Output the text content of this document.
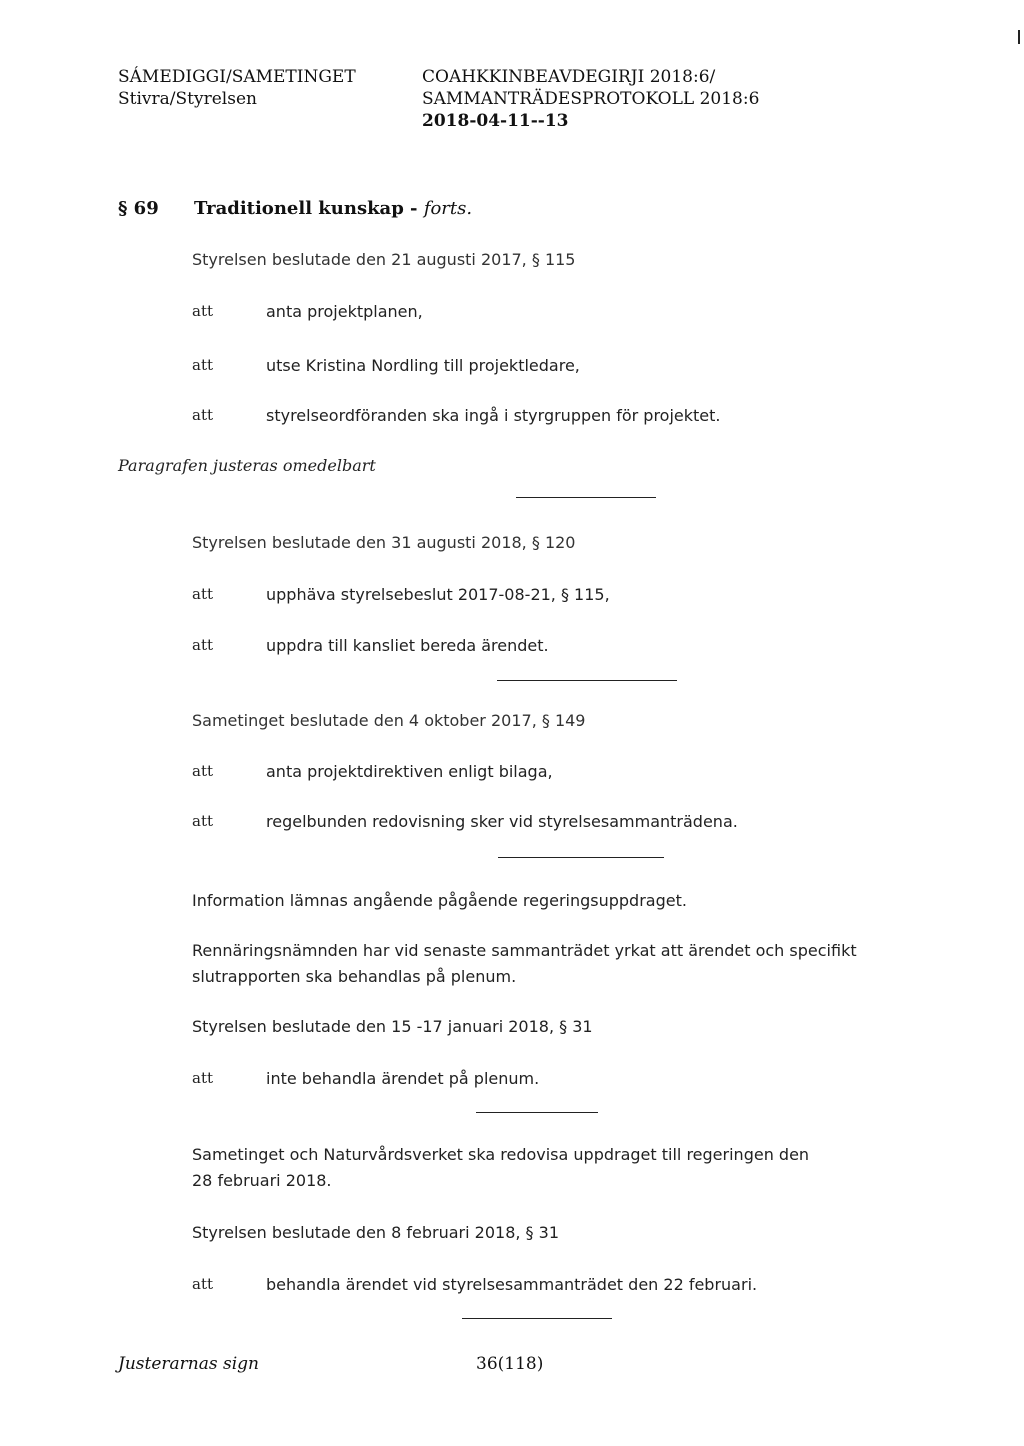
SÁMEDIGGI/SAMETINGET
Stivra/Styrelsen
COAHKKINBEAVDEGIRJI 2018:6/
SAMMANTRÄDESPROTOKOLL 2018:6
2018-04-11--13
§ 69 Traditionell kunskap - forts.
Styrelsen beslutade den 21 augusti 2017, § 115
att	anta projektplanen,
att	utse Kristina Nordling till projektledare,
att	styrelseordföranden ska ingå i styrgruppen för projektet.
Paragrafen justeras omedelbart
Styrelsen beslutade den 31 augusti 2018, § 120
att	upphäva styrelsebeslut 2017-08-21, § 115,
att	uppdra till kansliet bereda ärendet.
Sametinget beslutade den 4 oktober 2017, § 149
att	anta projektdirektiven enligt bilaga,
att	regelbunden redovisning sker vid styrelsesammanträdena.
Information lämnas angående pågående regeringsuppdraget.
Rennäringsnämnden har vid senaste sammanträdet yrkat att ärendet och specifikt
slutrapporten ska behandlas på plenum.
Styrelsen beslutade den 15 -17 januari 2018, § 31
att	inte behandla ärendet på plenum.
Sametinget och Naturvårdsverket ska redovisa uppdraget till regeringen den
28 februari 2018.
Styrelsen beslutade den 8 februari 2018, § 31
att	behandla ärendet vid styrelsesammanträdet den 22 februari.
Justerarnas sign	36(118)
